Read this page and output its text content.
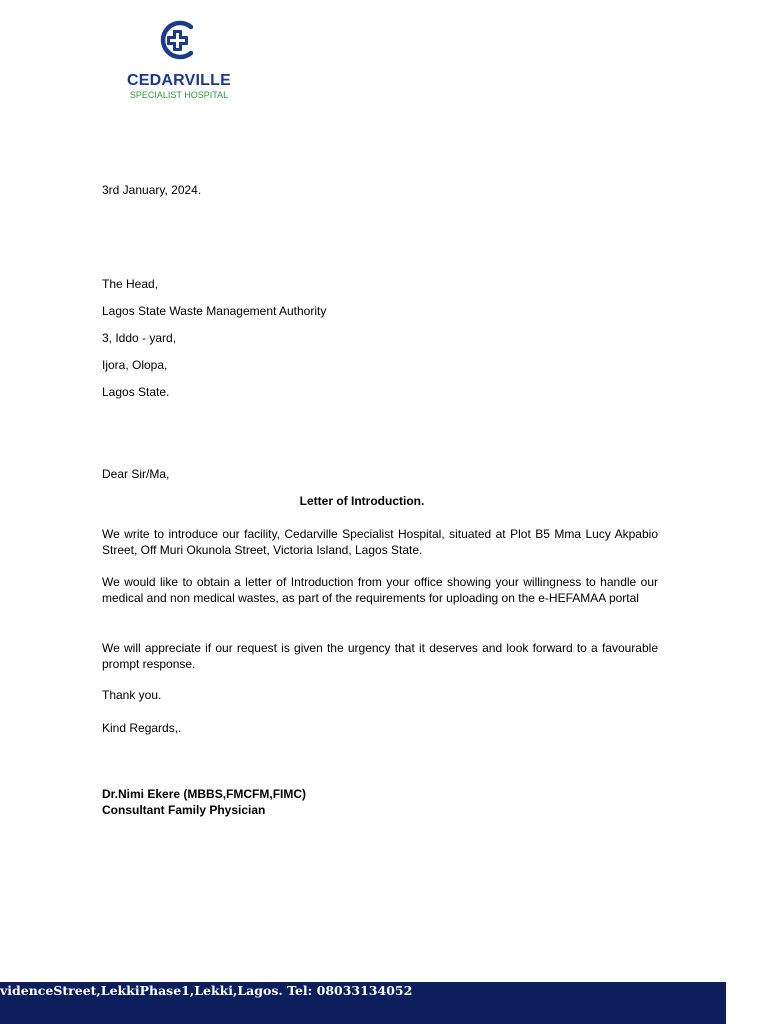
CEDARVILLE
SPECIALIST HOSPITAL
3rd January, 2024.
The Head,
Lagos State Waste Management Authority
3, Iddo - yard,
Ijora, Olopa,
Lagos State.
Dear Sir/Ma,
Letter of Introduction.
We write to introduce our facility, Cedarville Specialist Hospital, situated at Plot B5 Mma Lucy Akpabio Street, Off Muri Okunola Street, Victoria Island, Lagos State.
We would like to obtain a letter of Introduction from your office showing your willingness to handle our medical and non medical wastes, as part of the requirements for uploading on the e-HEFAMAA portal
We will appreciate if our request is given the urgency that it deserves and look forward to a favourable prompt response.
Thank you.
Kind Regards,.
Dr.Nimi Ekere (MBBS,FMCFM,FIMC)
Consultant Family Physician
videnceStreet,LekkiPhase1,Lekki,Lagos. Tel: 08033134052
